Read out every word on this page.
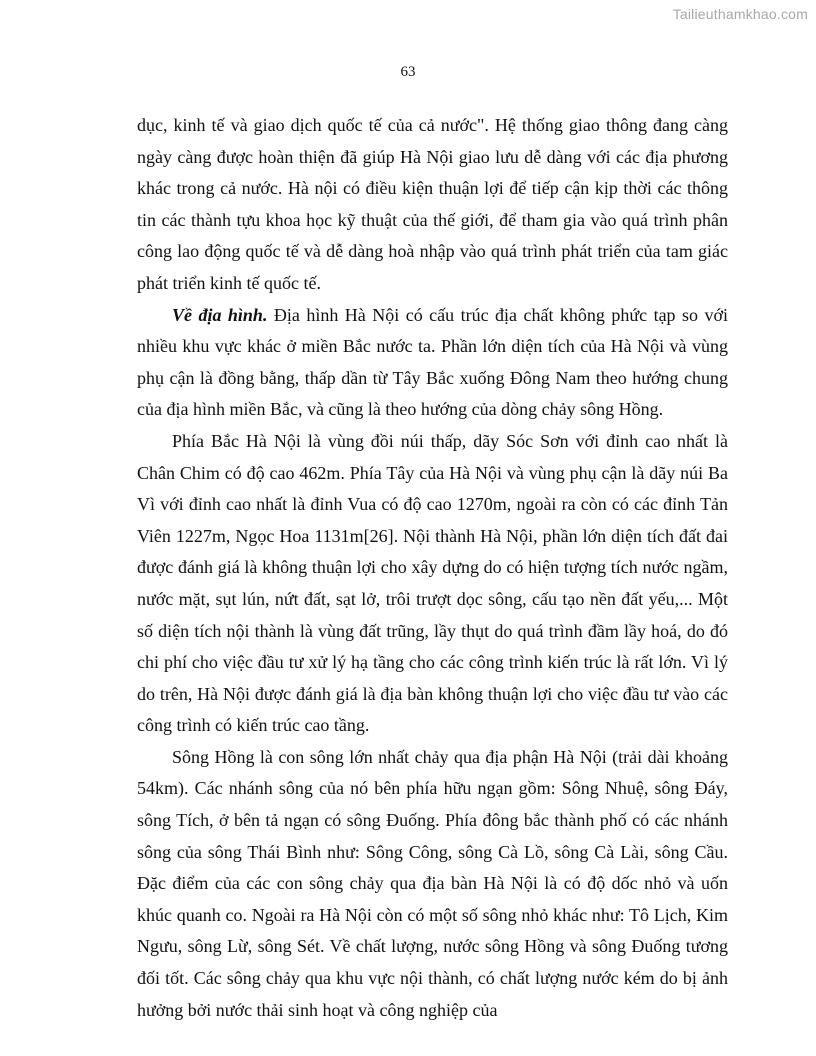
Tailieuthamkhao.com
63

dục, kinh tế và giao dịch quốc tế của cả nước". Hệ thống giao thông đang càng ngày càng được hoàn thiện đã giúp Hà Nội giao lưu dễ dàng với các địa phương khác trong cả nước. Hà nội có điều kiện thuận lợi để tiếp cận kịp thời các thông tin các thành tựu khoa học kỹ thuật của thế giới, để tham gia vào quá trình phân công lao động quốc tế và dễ dàng hoà nhập vào quá trình phát triển của tam giác phát triển kinh tế quốc tế.

Về địa hình. Địa hình Hà Nội có cấu trúc địa chất không phức tạp so với nhiều khu vực khác ở miền Bắc nước ta. Phần lớn diện tích của Hà Nội và vùng phụ cận là đồng bằng, thấp dần từ Tây Bắc xuống Đông Nam theo hướng chung của địa hình miền Bắc, và cũng là theo hướng của dòng chảy sông Hồng.

Phía Bắc Hà Nội là vùng đồi núi thấp, dãy Sóc Sơn với đỉnh cao nhất là Chân Chim có độ cao 462m. Phía Tây của Hà Nội và vùng phụ cận là dãy núi Ba Vì với đỉnh cao nhất là đỉnh Vua có độ cao 1270m, ngoài ra còn có các đỉnh Tản Viên 1227m, Ngọc Hoa 1131m[26]. Nội thành Hà Nội, phần lớn diện tích đất đai được đánh giá là không thuận lợi cho xây dựng do có hiện tượng tích nước ngầm, nước mặt, sụt lún, nứt đất, sạt lở, trôi trượt dọc sông, cấu tạo nền đất yếu,... Một số diện tích nội thành là vùng đất trũng, lầy thụt do quá trình đầm lầy hoá, do đó chi phí cho việc đầu tư xử lý hạ tầng cho các công trình kiến trúc là rất lớn. Vì lý do trên, Hà Nội được đánh giá là địa bàn không thuận lợi cho việc đầu tư vào các công trình có kiến trúc cao tầng.

Sông Hồng là con sông lớn nhất chảy qua địa phận Hà Nội (trải dài khoảng 54km). Các nhánh sông của nó bên phía hữu ngạn gồm: Sông Nhuệ, sông Đáy, sông Tích, ở bên tả ngạn có sông Đuống. Phía đông bắc thành phố có các nhánh sông của sông Thái Bình như: Sông Công, sông Cà Lồ, sông Cà Lài, sông Cầu. Đặc điểm của các con sông chảy qua địa bàn Hà Nội là có độ dốc nhỏ và uốn khúc quanh co. Ngoài ra Hà Nội còn có một số sông nhỏ khác như: Tô Lịch, Kim Ngưu, sông Lừ, sông Sét. Về chất lượng, nước sông Hồng và sông Đuống tương đối tốt. Các sông chảy qua khu vực nội thành, có chất lượng nước kém do bị ảnh hưởng bởi nước thải sinh hoạt và công nghiệp của
